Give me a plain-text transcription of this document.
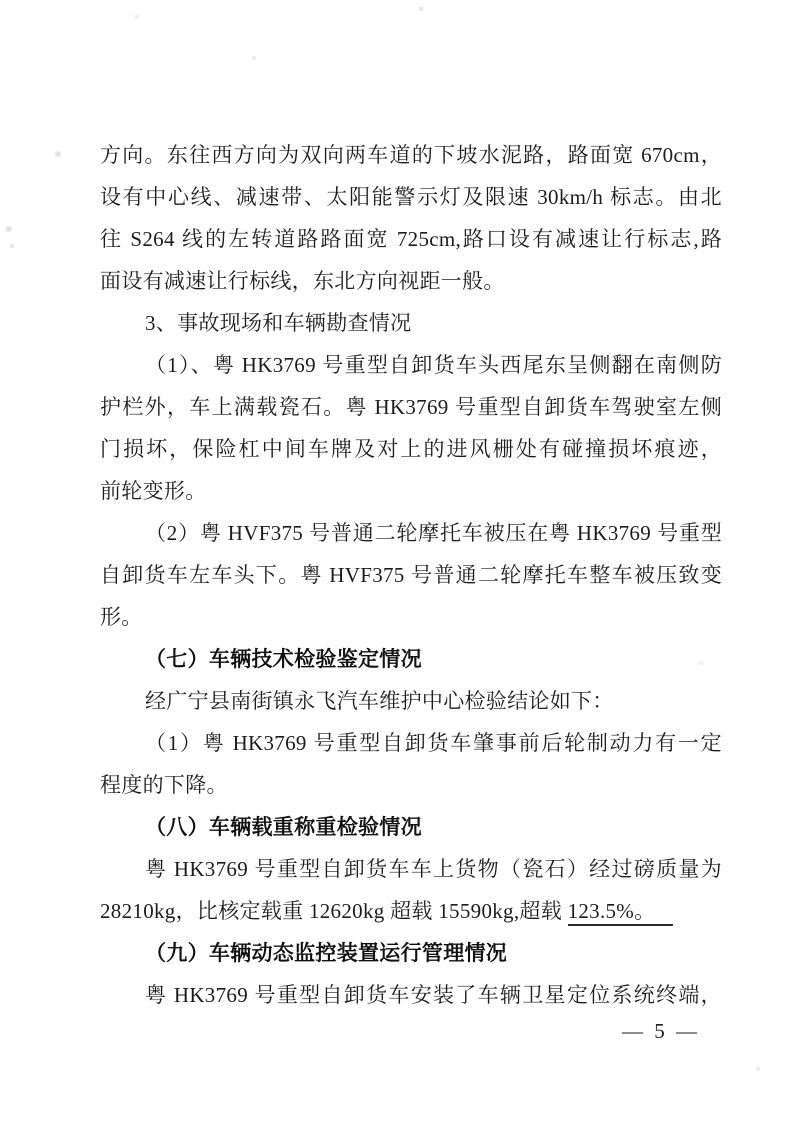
方向。东往西方向为双向两车道的下坡水泥路，路面宽 670cm，
设有中心线、减速带、太阳能警示灯及限速 30km/h 标志。由北
往 S264 线的左转道路路面宽 725cm,路口设有减速让行标志,路
面设有减速让行标线，东北方向视距一般。
3、事故现场和车辆勘查情况
（1）、粤 HK3769 号重型自卸货车头西尾东呈侧翻在南侧防
护栏外，车上满载瓷石。粤 HK3769 号重型自卸货车驾驶室左侧
门损坏，保险杠中间车牌及对上的进风栅处有碰撞损坏痕迹，
前轮变形。
（2）粤 HVF375 号普通二轮摩托车被压在粤 HK3769 号重型
自卸货车左车头下。粤 HVF375 号普通二轮摩托车整车被压致变
形。
（七）车辆技术检验鉴定情况
经广宁县南街镇永飞汽车维护中心检验结论如下：
（1）粤 HK3769 号重型自卸货车肇事前后轮制动力有一定
程度的下降。
（八）车辆载重称重检验情况
粤 HK3769 号重型自卸货车车上货物（瓷石）经过磅质量为
28210kg，比核定载重 12620kg 超载 15590kg,超载 123.5%。
（九）车辆动态监控装置运行管理情况
粤 HK3769 号重型自卸货车安装了车辆卫星定位系统终端，
— 5 —
